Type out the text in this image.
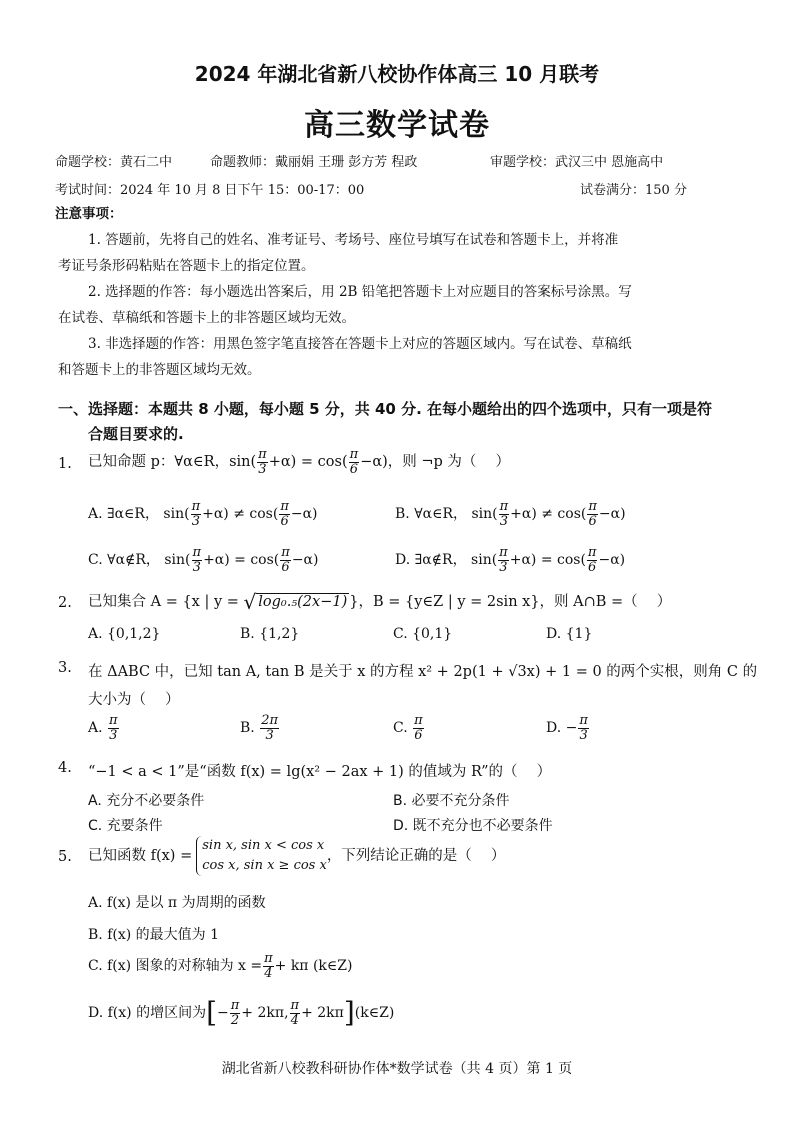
2024 年湖北省新八校协作体高三 10 月联考
高三数学试卷
命题学校：黄石二中	命题教师：戴丽娟 王珊 彭方芳 程政	审题学校：武汉三中 恩施高中
考试时间：2024 年 10 月 8 日下午 15：00-17：00	试卷满分：150 分
注意事项：
1. 答题前，先将自己的姓名、准考证号、考场号、座位号填写在试卷和答题卡上，并将准
考证号条形码粘贴在答题卡上的指定位置。
2. 选择题的作答：每小题选出答案后，用 2B 铅笔把答题卡上对应题目的答案标号涂黑。写
在试卷、草稿纸和答题卡上的非答题区域均无效。
3. 非选择题的作答：用黑色签字笔直接答在答题卡上对应的答题区域内。写在试卷、草稿纸
和答题卡上的非答题区域均无效。
一、选择题：本题共 8 小题，每小题 5 分，共 40 分. 在每小题给出的四个选项中，只有一项是符
合题目要求的.
1. 已知命题 p：∀α∈R，$\sin( \frac{\pi}{3} +\alpha) = \cos( \frac{\pi}{6} -\alpha)$，则 ¬p 为（　 ）
A. ∃α∈R， $\sin( \frac{\pi}{3} +\alpha) \ne \cos( \frac{\pi}{6} -\alpha)$	B. ∀α∈R， $\sin( \frac{\pi}{3} +\alpha) \ne \cos( \frac{\pi}{6} -\alpha)$
C. ∀α∉R， $\sin( \frac{\pi}{3} +\alpha) = \cos( \frac{\pi}{6} -\alpha)$	D. ∃α∉R， $\sin( \frac{\pi}{3} +\alpha) = \cos( \frac{\pi}{6} -\alpha)$
2. 已知集合 A = {x | y = √ log₀.₅(2x−1) }，B = {y∈Z | y = 2sin x}，则 A∩B =（　 ）
A. {0,1,2}	B. {1,2}	C. {0,1}	D. {1}
3. 在 ΔABC 中，已知 tan A, tan B 是关于 x 的方程 x² + 2p(1 + √3x) + 1 = 0 的两个实根，则角 C 的
大小为（　 ）
A. $\frac{\pi}{3}$	B. $\frac{2\pi}{3}$	C. $\frac{\pi}{6}$	D. − $\frac{\pi}{3}$
4. “−1 < a < 1”是“函数 f(x) = lg(x² − 2ax + 1) 的值域为 R”的（　 ）
A. 充分不必要条件	B. 必要不充分条件
C. 充要条件	D. 既不充分也不必要条件
5. 已知函数 f(x) =
sin x, sin x < cos x
cos x, sin x ≥ cos x
，下列结论正确的是（　 ）
A. f(x) 是以 π 为周期的函数
B. f(x) 的最大值为 1
C. f(x) 图象的对称轴为 $x = \frac{\pi}{4} + k\pi$ (k∈Z)
D. f(x) 的增区间为[− $\frac{\pi}{2} + 2k\pi$, $\frac{\pi}{4}$ + 2kπ](k∈Z)
湖北省新八校教科研协作体*数学试卷（共 4 页）第 1 页
